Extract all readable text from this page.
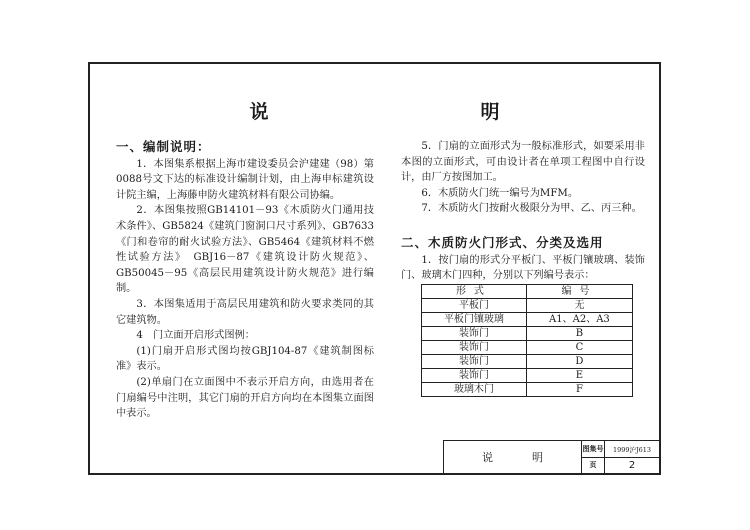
说　　明
一、编制说明：

1．本图集系根据上海市建设委员会沪建建（98）第0088号文下达的标准设计编制计划，由上海申标建筑设计院主编，上海藤申防火建筑材料有限公司协编。

2．本图集按照GB14101－93《木质防火门通用技术条件》、GB5824《建筑门窗洞口尺寸系列》、GB7633《门和卷帘的耐火试验方法》、GB5464《建筑材料不燃性试验方法》　GBJ16－87《建筑设计防火规范》、GB50045－95《高层民用建筑设计防火规范》进行编制。

3．本图集适用于高层民用建筑和防火要求类同的其它建筑物。

4　门立面开启形式图例：

(1)门扇开启形式图均按GBJ104-87《建筑制图标准》表示。

(2)单扇门在立面图中不表示开启方向，由选用者在门扇编号中注明，其它门扇的开启方向均在本图集立面图中表示。

5．门扇的立面形式为一般标准形式，如要采用非本图的立面形式，可由设计者在单项工程图中自行设计，由厂方按图加工。

6．木质防火门统一编号为MFM。

7．木质防火门按耐火极限分为甲、乙、丙三种。

二、木质防火门形式、分类及选用

1．按门扇的形式分平板门、平板门镶玻璃、装饰门、玻璃木门四种，分别以下列编号表示：

形式	编号
平板门	无
平板门镶玻璃	A1、A2、A3
装饰门	B
装饰门	C
装饰门	D
装饰门	E
玻璃木门	F
说　明
图集号	1999沪J613
页	2
